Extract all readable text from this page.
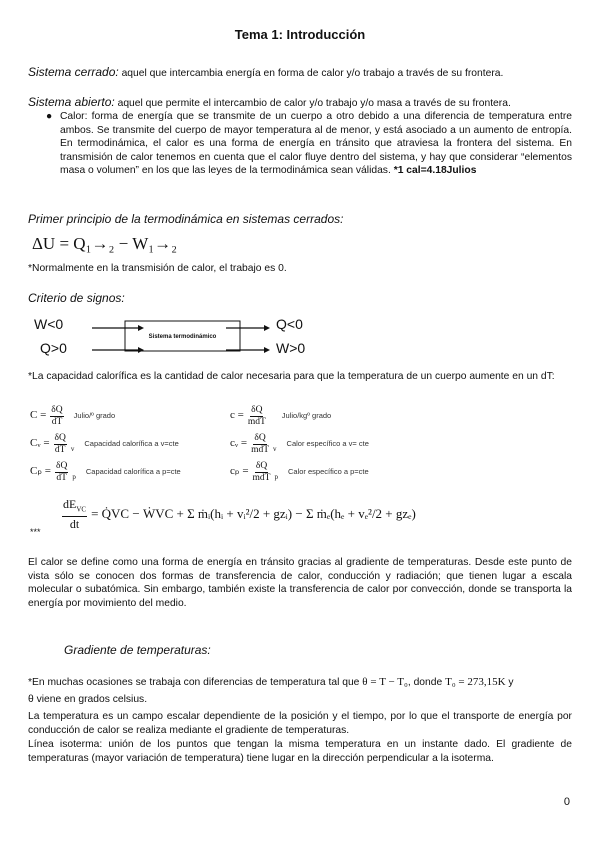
Tema 1: Introducción
Sistema cerrado: aquel que intercambia energía en forma de calor y/o trabajo a través de su frontera.
Sistema abierto: aquel que permite el intercambio de calor y/o trabajo y/o masa a través de su frontera.
● Calor: forma de energía que se transmite de un cuerpo a otro debido a una diferencia de temperatura entre ambos. Se transmite del cuerpo de mayor temperatura al de menor, y está asociado a un aumento de entropía. En termodinámica, el calor es una forma de energía en tránsito que atraviesa la frontera del sistema. En transmisión de calor tenemos en cuenta que el calor fluye dentro del sistema, y hay que considerar “elementos masa o volumen” en los que las leyes de la termodinámica sean válidas. *1 cal=4.18Julios
Primer principio de la termodinámica en sistemas cerrados:
ΔU = Q₁→₂ − W₁→₂
*Normalmente en la transmisión de calor, el trabajo es 0.
Criterio de signos:
W<0
Q>0
Sistema termodinámico
Q<0
W>0
*La capacidad calorífica es la cantidad de calor necesaria para que la temperatura de un cuerpo aumente en un dT:
$C = \frac{\delta Q}{dT}$ Julio/º grado
Cᵥ = $\frac{\delta Q}{dT}$ v
Capacidad calorífica a v=cte
$C_p = \frac{\delta Q}{dT}$ p
Capacidad calorífica a p=cte
$c = \frac{\delta Q}{\text{mdT}}$ Julio/kgº grado
cᵥ = $\frac{\delta Q}{\text{mdT}}$ v
Calor específico a v= cte
$c_p = \frac{\delta Q}{\text{mdT}}$ p
Calor específico a p=cte
$\frac{dE_{VC}}{dt}$ = Q̇VC − ẆVC + Σ ṁᵢ(hᵢ + vᵢ²/2 + gzᵢ) − Σ ṁₑ(hₑ + vₑ²/2 + gzₑ)
***
El calor se define como una forma de energía en tránsito gracias al gradiente de temperaturas. Desde este punto de vista sólo se conocen dos formas de transferencia de calor, conducción y radiación; que tienen lugar a escala molecular o subatómica. Sin embargo, también existe la transferencia de calor por convección, donde se transporta la energía por movimiento del medio.
Gradiente de temperaturas:
*En muchas ocasiones se trabaja con diferencias de temperatura tal que θ = T − T₀, donde T₀ = 273,15K y
θ viene en grados celsius.
La temperatura es un campo escalar dependiente de la posición y el tiempo, por lo que el transporte de energía por conducción de calor se realiza mediante el gradiente de temperaturas.
Línea isoterma: unión de los puntos que tengan la misma temperatura en un instante dado. El gradiente de temperaturas (mayor variación de temperatura) tiene lugar en la dirección perpendicular a la isoterma.
0
